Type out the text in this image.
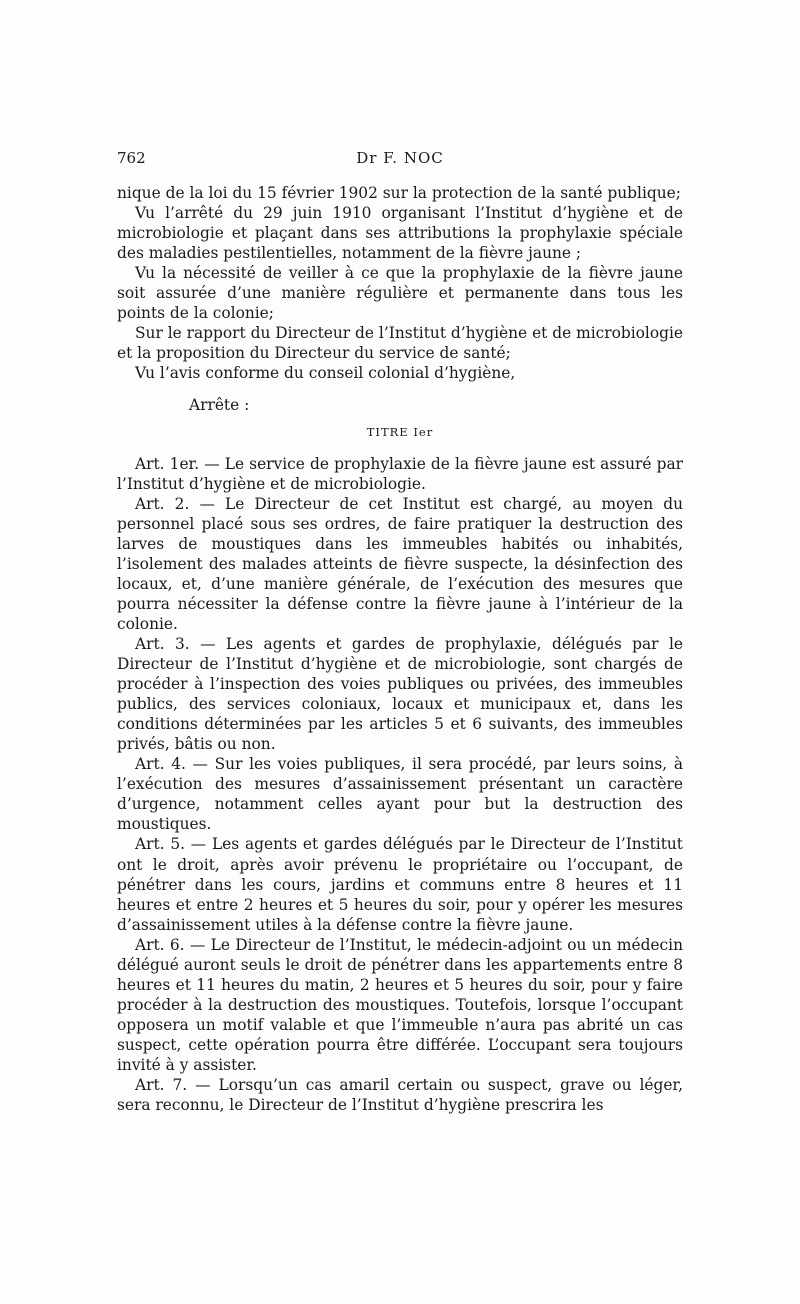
762	Dr F. NOC

nique de la loi du 15 février 1902 sur la protection de la santé publique;

Vu l’arrêté du 29 juin 1910 organisant l’Institut d’hygiène et de microbiologie et plaçant dans ses attributions la prophylaxie spéciale des maladies pestilentielles, notamment de la fièvre jaune ;

Vu la nécessité de veiller à ce que la prophylaxie de la fièvre jaune soit assurée d’une manière régulière et permanente dans tous les points de la colonie;

Sur le rapport du Directeur de l’Institut d’hygiène et de microbiologie et la proposition du Directeur du service de santé;

Vu l’avis conforme du conseil colonial d’hygiène,

Arrête :

TITRE Ier

Art. 1er. — Le service de prophylaxie de la fièvre jaune est assuré par l’Institut d’hygiène et de microbiologie.

Art. 2. — Le Directeur de cet Institut est chargé, au moyen du personnel placé sous ses ordres, de faire pratiquer la destruction des larves de moustiques dans les immeubles habités ou inhabités, l’isolement des malades atteints de fièvre suspecte, la désinfection des locaux, et, d’une manière générale, de l’exécution des mesures que pourra nécessiter la défense contre la fièvre jaune à l’intérieur de la colonie.

Art. 3. — Les agents et gardes de prophylaxie, délégués par le Directeur de l’Institut d’hygiène et de microbiologie, sont chargés de procéder à l’inspection des voies publiques ou privées, des immeubles publics, des services coloniaux, locaux et municipaux et, dans les conditions déterminées par les articles 5 et 6 suivants, des immeubles privés, bâtis ou non.

Art. 4. — Sur les voies publiques, il sera procédé, par leurs soins, à l’exécution des mesures d’assainissement présentant un caractère d’urgence, notamment celles ayant pour but la destruction des moustiques.

Art. 5. — Les agents et gardes délégués par le Directeur de l’Institut ont le droit, après avoir prévenu le propriétaire ou l’occupant, de pénétrer dans les cours, jardins et communs entre 8 heures et 11 heures et entre 2 heures et 5 heures du soir, pour y opérer les mesures d’assainissement utiles à la défense contre la fièvre jaune.

Art. 6. — Le Directeur de l’Institut, le médecin-adjoint ou un médecin délégué auront seuls le droit de pénétrer dans les appartements entre 8 heures et 11 heures du matin, 2 heures et 5 heures du soir, pour y faire procéder à la destruction des moustiques. Toutefois, lorsque l’occupant opposera un motif valable et que l’immeuble n’aura pas abrité un cas suspect, cette opération pourra être différée. L’occupant sera toujours invité à y assister.

Art. 7. — Lorsqu’un cas amaril certain ou suspect, grave ou léger, sera reconnu, le Directeur de l’Institut d’hygiène prescrira les
